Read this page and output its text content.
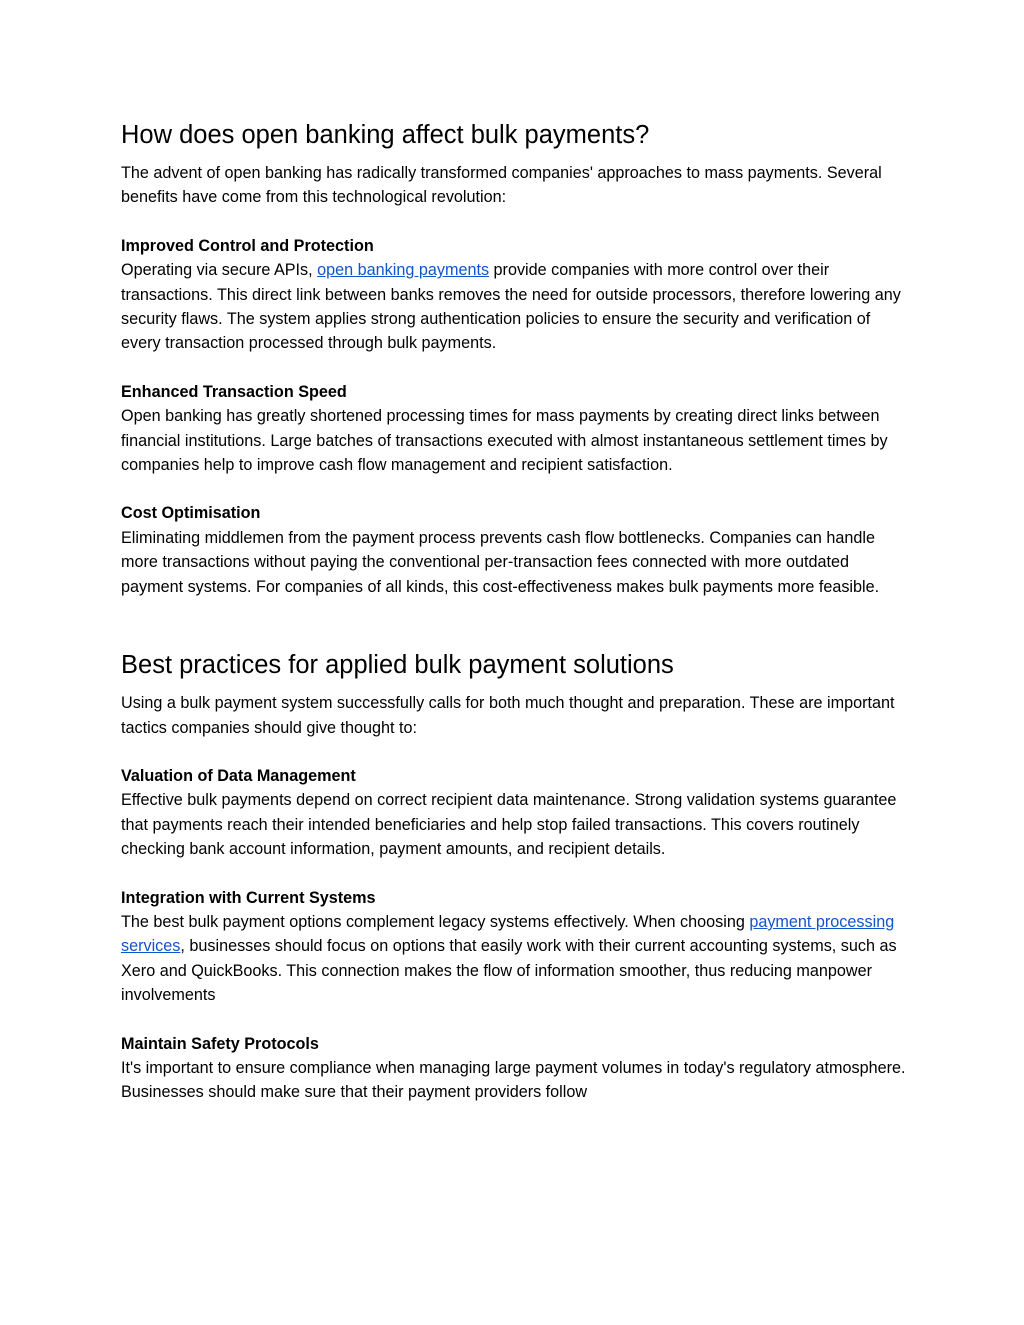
How does open banking affect bulk payments?

The advent of open banking has radically transformed companies' approaches to mass payments. Several benefits have come from this technological revolution:

Improved Control and Protection

Operating via secure APIs, open banking payments provide companies with more control over their transactions. This direct link between banks removes the need for outside processors, therefore lowering any security flaws. The system applies strong authentication policies to ensure the security and verification of every transaction processed through bulk payments.

Enhanced Transaction Speed

Open banking has greatly shortened processing times for mass payments by creating direct links between financial institutions. Large batches of transactions executed with almost instantaneous settlement times by companies help to improve cash flow management and recipient satisfaction.

Cost Optimisation

Eliminating middlemen from the payment process prevents cash flow bottlenecks. Companies can handle more transactions without paying the conventional per-transaction fees connected with more outdated payment systems. For companies of all kinds, this cost-effectiveness makes bulk payments more feasible.

Best practices for applied bulk payment solutions

Using a bulk payment system successfully calls for both much thought and preparation. These are important tactics companies should give thought to:

Valuation of Data Management

Effective bulk payments depend on correct recipient data maintenance. Strong validation systems guarantee that payments reach their intended beneficiaries and help stop failed transactions. This covers routinely checking bank account information, payment amounts, and recipient details.

Integration with Current Systems

The best bulk payment options complement legacy systems effectively. When choosing payment processing services, businesses should focus on options that easily work with their current accounting systems, such as Xero and QuickBooks. This connection makes the flow of information smoother, thus reducing manpower involvements

Maintain Safety Protocols

It's important to ensure compliance when managing large payment volumes in today's regulatory atmosphere. Businesses should make sure that their payment providers follow
